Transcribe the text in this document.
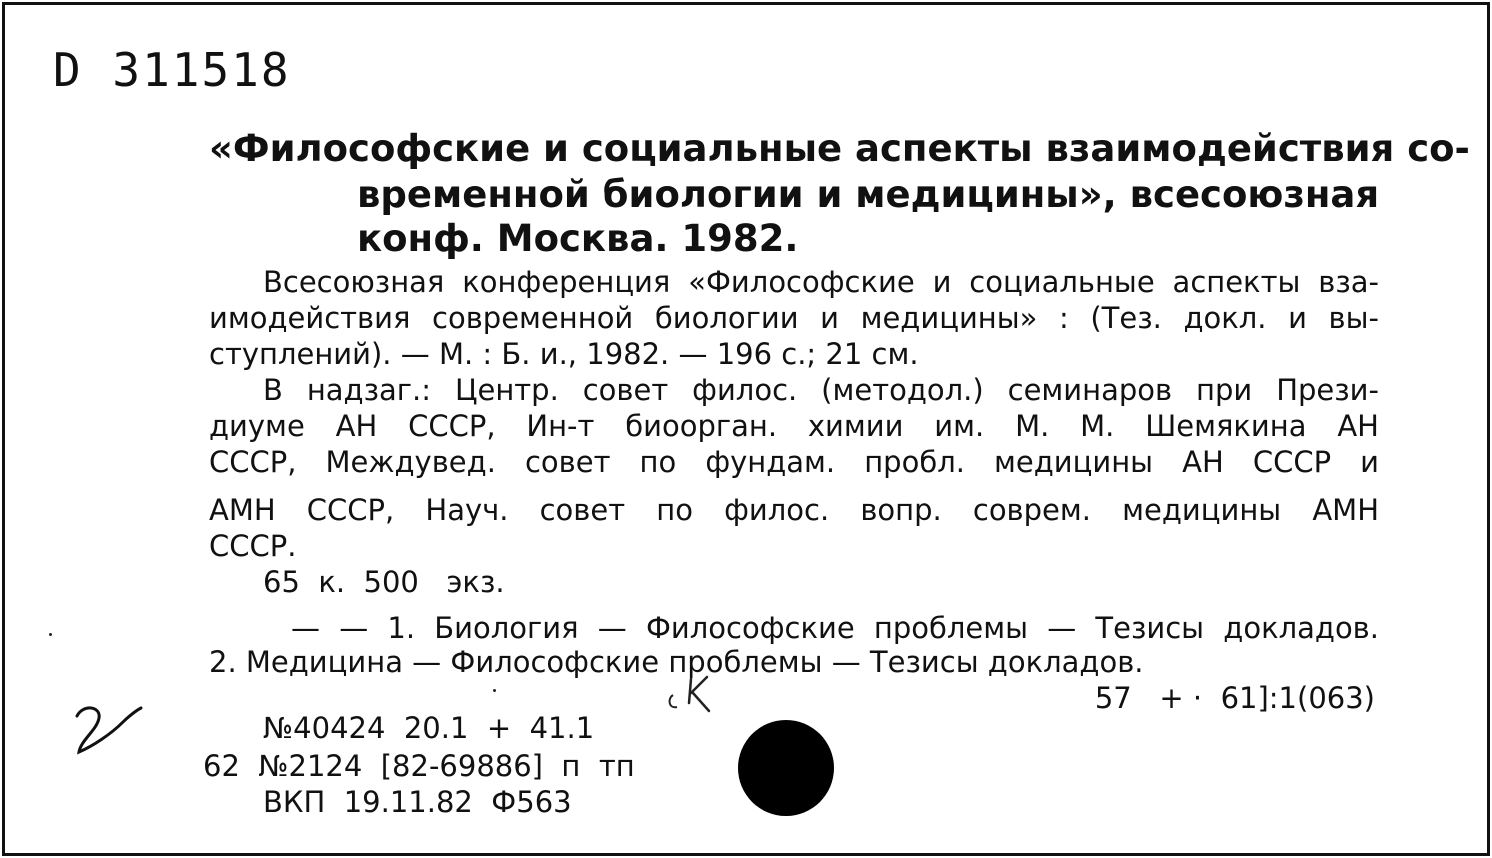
D 311518

«Философские и социальные аспекты взаимодействия со-

временной биологии и медицины», всесоюзная

конф. Москва. 1982.

Всесоюзная конференция «Философские и социальные аспекты вза-

имодействия современной биологии и медицины» : (Тез. докл. и вы-

ступлений). — М. : Б. и., 1982. — 196 с.; 21 см.

В надзаг.: Центр. совет филос. (методол.) семинаров при Прези-

диуме АН СССР, Ин-т биоорган. химии им. М. М. Шемякина АН

СССР, Междувед. совет по фундам. пробл. медицины АН СССР и

АМН СССР, Науч. совет по филос. вопр. соврем. медицины АМН

СССР.

65  к.  500   экз.

— — 1. Биология — Философские проблемы — Тезисы докладов.

2. Медицина — Философские проблемы — Тезисы докладов.

57   + ·  61]:1(063)

№40424  20.1  +  41.1

62  №2124  [82-69886]  п  тп

ВКП  19.11.82  Ф563
